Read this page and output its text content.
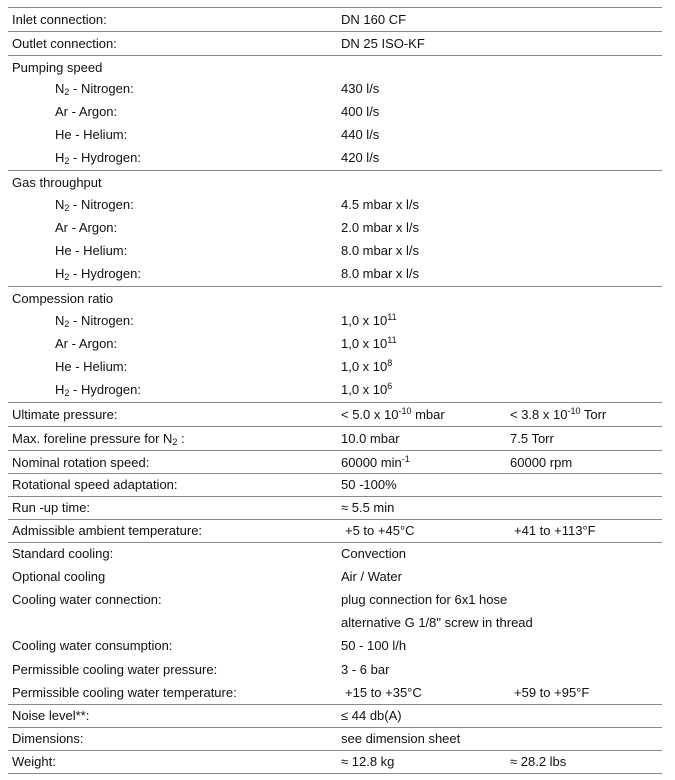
Inlet connection:	DN 160 CF
Outlet connection:	DN 25 ISO-KF
Pumping speed
$N_2$ - Nitrogen:	430 l/s
Ar - Argon:	400 l/s
He - Helium:	440 l/s
$H_2$ - Hydrogen:	420 l/s
Gas throughput
$N_2$ - Nitrogen:	4.5 mbar x l/s
Ar - Argon:	2.0 mbar x l/s
He - Helium:	8.0 mbar x l/s
$H_2$ - Hydrogen:	8.0 mbar x l/s
Compession ratio
$N_2$ - Nitrogen:	1,0 x $10^{11}$
Ar - Argon:	1,0 x $10^{11}$
He - Helium:	1,0 x $10^8$
$H_2$ - Hydrogen:	1,0 x $10^6$
Ultimate pressure:	< 5.0 x $10^{-10}$ mbar	< 3.8 x $10^{-10}$ Torr
Max. foreline pressure for $N_2$ :	10.0 mbar	7.5 Torr
Nominal rotation speed:	60000 $\min^{-1}$	60000 rpm
Rotational speed adaptation:	50 -100%
Run -up time:	≈ 5.5 min
Admissible ambient temperature:	+5 to +45°C	+41 to +113°F
Standard cooling:	Convection
Optional cooling	Air / Water
Cooling water connection:	plug connection for 6x1 hose
alternative G 1/8" screw in thread
Cooling water consumption:	50 - 100 l/h
Permissible cooling water pressure:	3 - 6 bar
Permissible cooling water temperature:	+15 to +35°C	+59 to +95°F
Noise level**:	≤ 44 db(A)
Dimensions:	see dimension sheet
Weight:	≈ 12.8 kg	≈ 28.2 lbs
